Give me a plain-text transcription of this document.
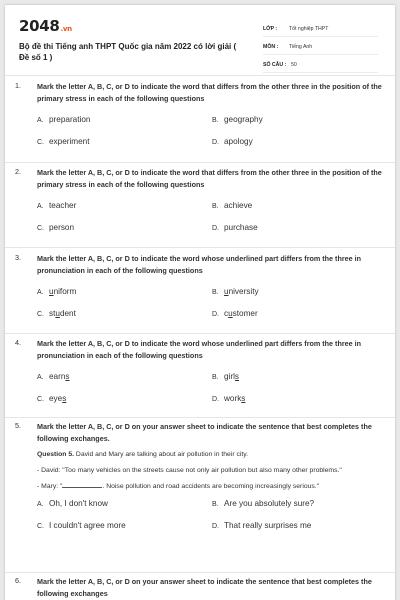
2048.vn
Bộ đề thi Tiếng anh THPT Quốc gia năm 2022 có lời giải ( Đề số 1 )
LỚP :	Tốt nghiệp THPT
MÔN :	Tiếng Anh
SỐ CÂU : 50
1. Mark the letter A, B, C, or D to indicate the word that differs from the other three in the position of the primary stress in each of the following questions
A. preparation	B. geography
C. experiment	D. apology
2. Mark the letter A, B, C, or D to indicate the word that differs from the other three in the position of the primary stress in each of the following questions
A. teacher	B. achieve
C. person	D. purchase
3. Mark the letter A, B, C, or D to indicate the word whose underlined part differs from the three in pronunciation in each of the following questions
A. uniform	B. university
C. student	D. customer
4. Mark the letter A, B, C, or D to indicate the word whose underlined part differs from the three in pronunciation in each of the following questions
A. earns	B. girls
C. eyes	D. works
5. Mark the letter A, B, C, or D on your answer sheet to indicate the sentence that best completes the following exchanges.
Question 5. David and Mary are talking about air pollution in their city.
- David: "Too many vehicles on the streets cause not only air pollution but also many other problems."
- Mary: "	. Noise pollution and road accidents are becoming increasingly serious."
A. Oh, I don't know	B. Are you absolutely sure?
C. I couldn't agree more	D. That really surprises me
6. Mark the letter A, B, C, or D on your answer sheet to indicate the sentence that best completes the following exchanges
